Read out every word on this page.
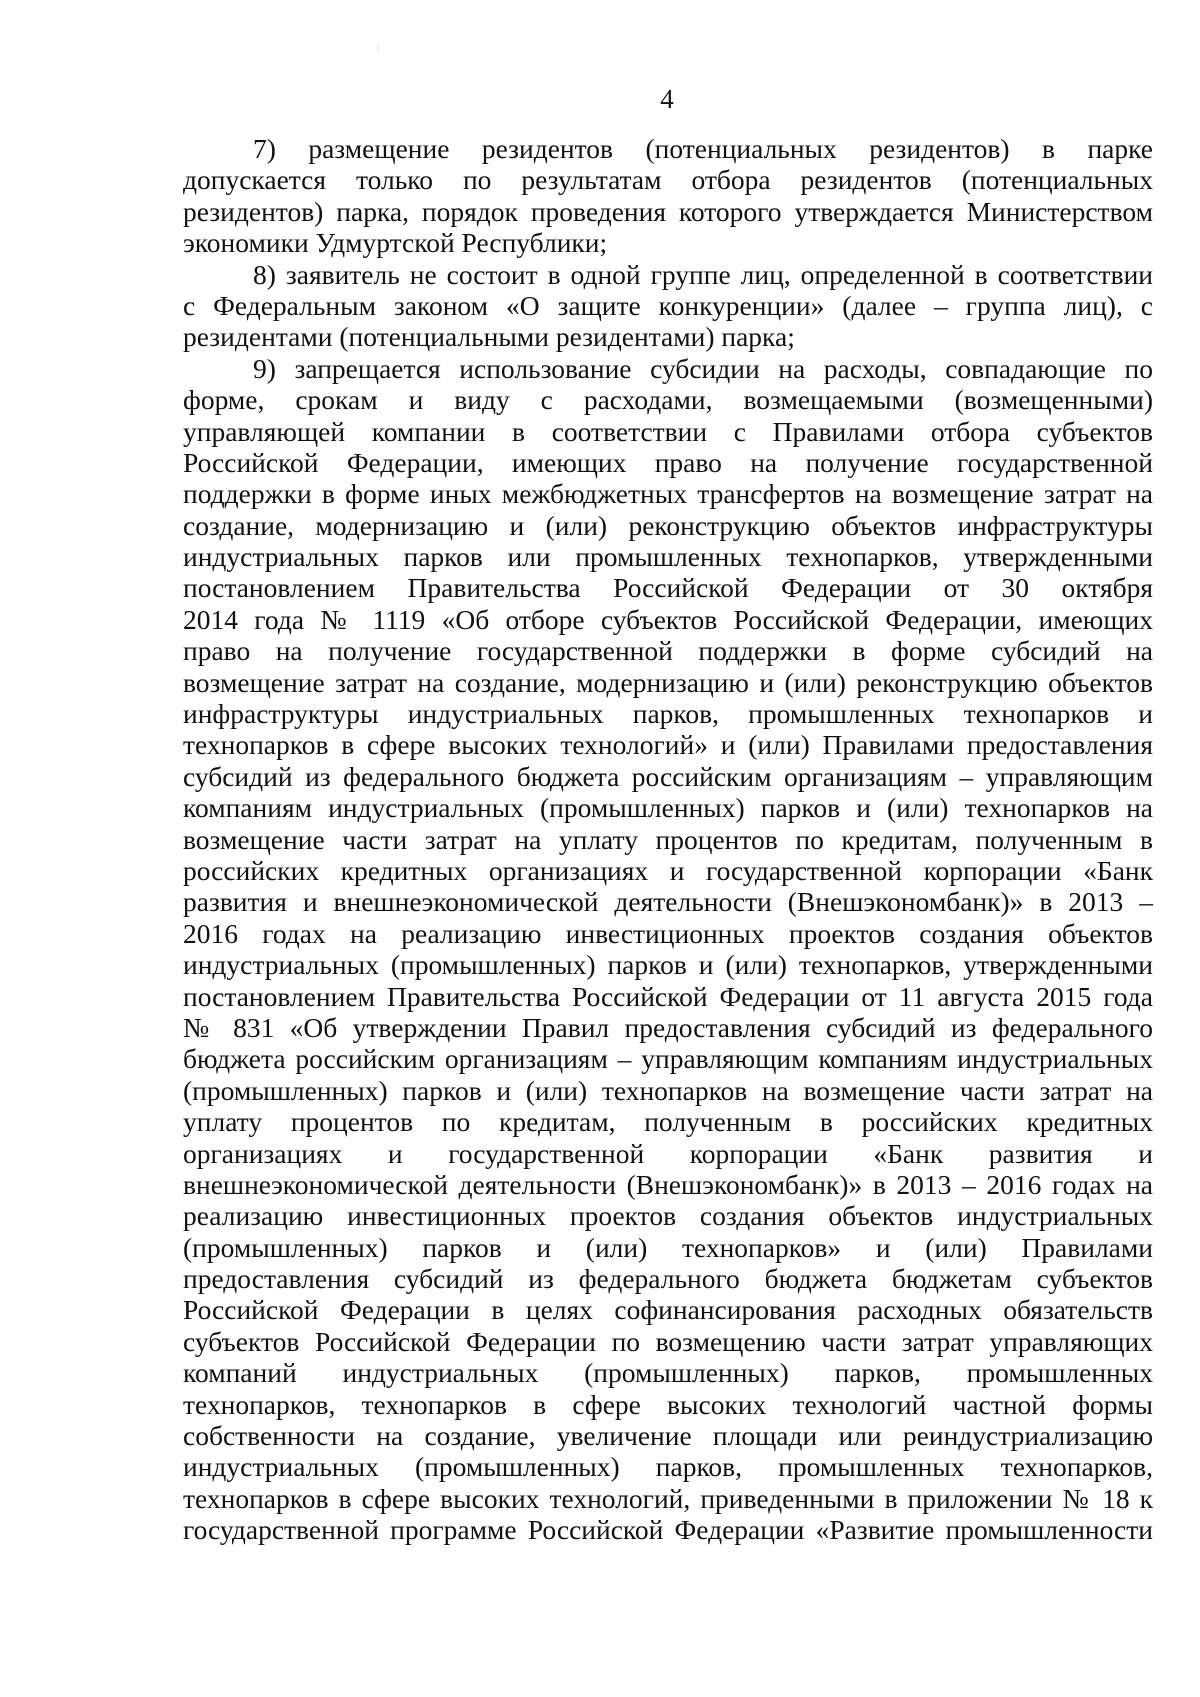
4
7) размещение резидентов (потенциальных резидентов) в парке
допускается только по результатам отбора резидентов (потенциальных
резидентов) парка, порядок проведения которого утверждается Министерством
экономики Удмуртской Республики;
8) заявитель не состоит в одной группе лиц, определенной в соответствии
с Федеральным законом «О защите конкуренции» (далее – группа лиц), с
резидентами (потенциальными резидентами) парка;
9) запрещается использование субсидии на расходы, совпадающие по
форме, срокам и виду с расходами, возмещаемыми (возмещенными)
управляющей компании в соответствии с Правилами отбора субъектов
Российской Федерации, имеющих право на получение государственной
поддержки в форме иных межбюджетных трансфертов на возмещение затрат на
создание, модернизацию и (или) реконструкцию объектов инфраструктуры
индустриальных парков или промышленных технопарков, утвержденными
постановлением Правительства Российской Федерации от 30 октября
2014 года № 1119 «Об отборе субъектов Российской Федерации, имеющих
право на получение государственной поддержки в форме субсидий на
возмещение затрат на создание, модернизацию и (или) реконструкцию объектов
инфраструктуры индустриальных парков, промышленных технопарков и
технопарков в сфере высоких технологий» и (или) Правилами предоставления
субсидий из федерального бюджета российским организациям – управляющим
компаниям индустриальных (промышленных) парков и (или) технопарков на
возмещение части затрат на уплату процентов по кредитам, полученным в
российских кредитных организациях и государственной корпорации «Банк
развития и внешнеэкономической деятельности (Внешэкономбанк)» в 2013 –
2016 годах на реализацию инвестиционных проектов создания объектов
индустриальных (промышленных) парков и (или) технопарков, утвержденными
постановлением Правительства Российской Федерации от 11 августа 2015 года
№ 831 «Об утверждении Правил предоставления субсидий из федерального
бюджета российским организациям – управляющим компаниям индустриальных
(промышленных) парков и (или) технопарков на возмещение части затрат на
уплату процентов по кредитам, полученным в российских кредитных
организациях и государственной корпорации «Банк развития и
внешнеэкономической деятельности (Внешэкономбанк)» в 2013 – 2016 годах на
реализацию инвестиционных проектов создания объектов индустриальных
(промышленных) парков и (или) технопарков» и (или) Правилами
предоставления субсидий из федерального бюджета бюджетам субъектов
Российской Федерации в целях софинансирования расходных обязательств
субъектов Российской Федерации по возмещению части затрат управляющих
компаний индустриальных (промышленных) парков, промышленных
технопарков, технопарков в сфере высоких технологий частной формы
собственности на создание, увеличение площади или реиндустриализацию
индустриальных (промышленных) парков, промышленных технопарков,
технопарков в сфере высоких технологий, приведенными в приложении № 18 к
государственной программе Российской Федерации «Развитие промышленности
